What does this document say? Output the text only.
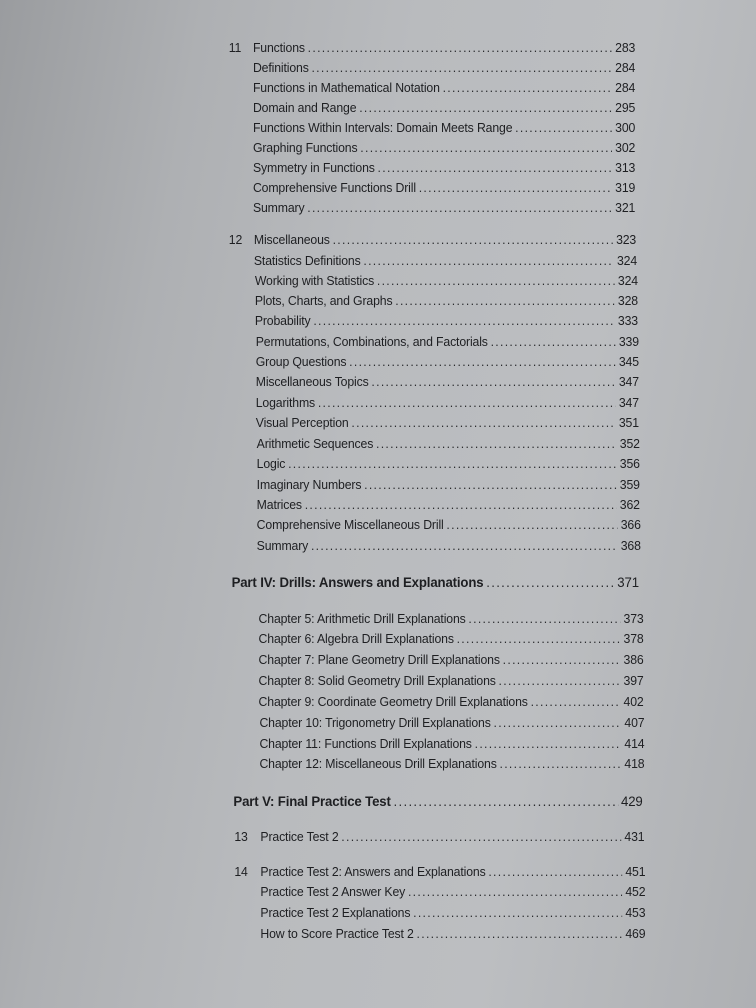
11 Functions .....	283
Definitions .....	284
Functions in Mathematical Notation .....	284
Domain and Range .....	295
Functions Within Intervals: Domain Meets Range .....	300
Graphing Functions .....	302
Symmetry in Functions .....	313
Comprehensive Functions Drill .....	319
Summary .....	321
12 Miscellaneous .....	323
Statistics Definitions .....	324
Working with Statistics .....	324
Plots, Charts, and Graphs .....	328
Probability .....	333
Permutations, Combinations, and Factorials .....	339
Group Questions .....	345
Miscellaneous Topics .....	347
Logarithms .....	347
Visual Perception .....	351
Arithmetic Sequences .....	352
Logic .....	356
Imaginary Numbers .....	359
Matrices .....	362
Comprehensive Miscellaneous Drill .....	366
Summary .....	368
Part IV: Drills: Answers and Explanations .....	371
Chapter 5: Arithmetic Drill Explanations .....	373
Chapter 6: Algebra Drill Explanations .....	378
Chapter 7: Plane Geometry Drill Explanations .....	386
Chapter 8: Solid Geometry Drill Explanations .....	397
Chapter 9: Coordinate Geometry Drill Explanations .....	402
Chapter 10: Trigonometry Drill Explanations .....	407
Chapter 11: Functions Drill Explanations .....	414
Chapter 12: Miscellaneous Drill Explanations .....	418
Part V: Final Practice Test .....	429
13 Practice Test 2 .....	431
14 Practice Test 2: Answers and Explanations .....	451
Practice Test 2 Answer Key .....	452
Practice Test 2 Explanations .....	453
How to Score Practice Test 2 .....	469
